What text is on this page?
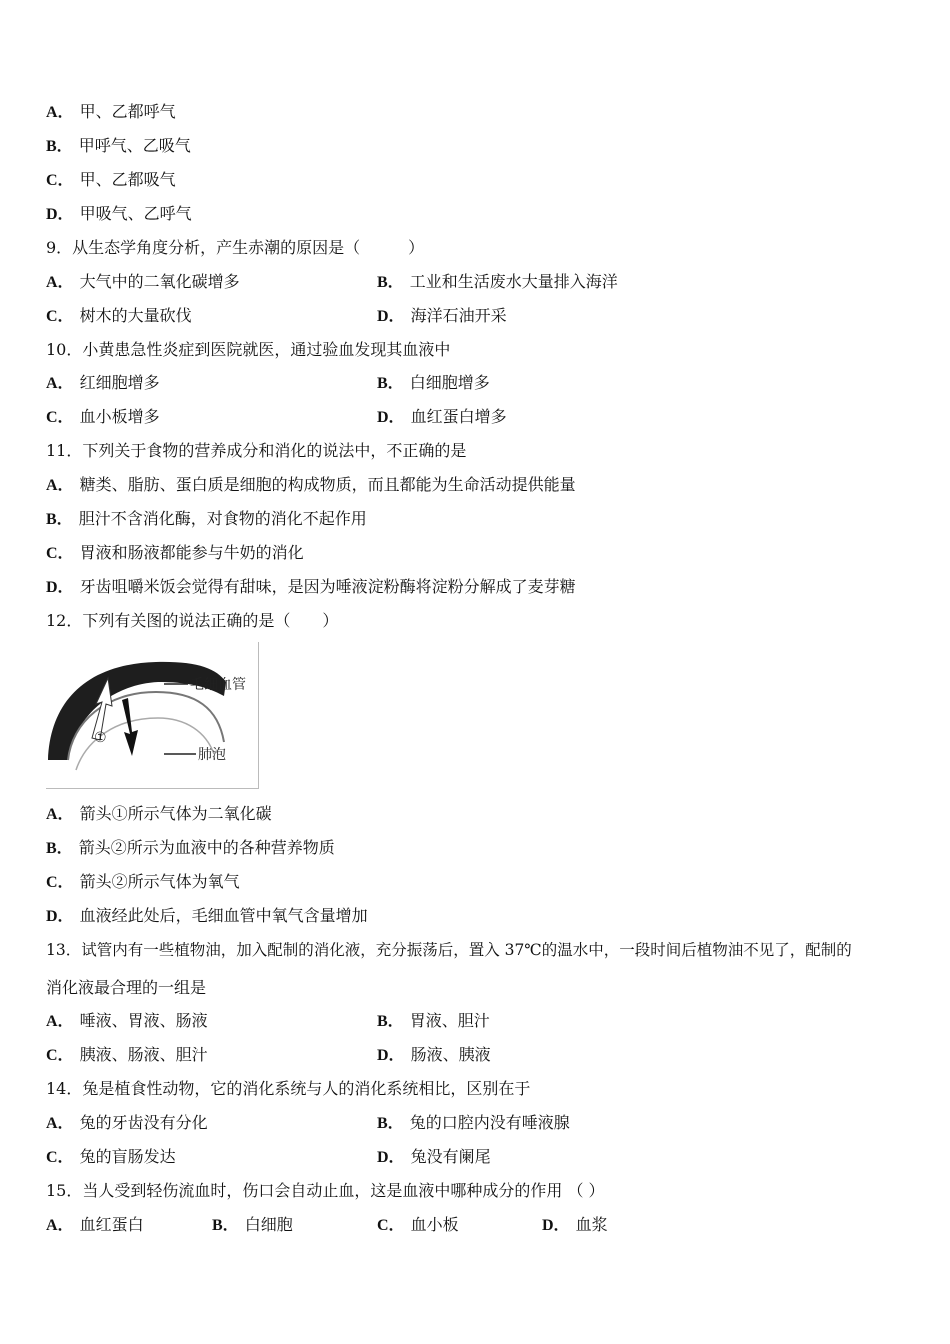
A． 甲、乙都呼气
B． 甲呼气、乙吸气
C． 甲、乙都吸气
D． 甲吸气、乙呼气
9．从生态学角度分析，产生赤潮的原因是（　　　）
A． 大气中的二氧化碳增多	B． 工业和生活废水大量排入海洋
C． 树木的大量砍伐	D． 海洋石油开采
10．小黄患急性炎症到医院就医，通过验血发现其血液中
A． 红细胞增多	B． 白细胞增多
C． 血小板增多	D． 血红蛋白增多
11．下列关于食物的营养成分和消化的说法中，不正确的是
A． 糖类、脂肪、蛋白质是细胞的构成物质，而且都能为生命活动提供能量
B． 胆汁不含消化酶，对食物的消化不起作用
C． 胃液和肠液都能参与牛奶的消化
D． 牙齿咀嚼米饭会觉得有甜味，是因为唾液淀粉酶将淀粉分解成了麦芽糖
12．下列有关图的说法正确的是（　　）
①
毛细血管
肺泡
A． 箭头①所示气体为二氧化碳
B． 箭头②所示为血液中的各种营养物质
C． 箭头②所示气体为氧气
D． 血液经此处后，毛细血管中氧气含量增加
13．试管内有一些植物油，加入配制的消化液，充分振荡后，置入 37℃的温水中，一段时间后植物油不见了，配制的
消化液最合理的一组是
A． 唾液、胃液、肠液	B． 胃液、胆汁
C． 胰液、肠液、胆汁	D． 肠液、胰液
14．兔是植食性动物，它的消化系统与人的消化系统相比，区别在于
A． 兔的牙齿没有分化	B． 兔的口腔内没有唾液腺
C． 兔的盲肠发达	D． 兔没有阑尾
15．当人受到轻伤流血时，伤口会自动止血，这是血液中哪种成分的作用 （ ）
A． 血红蛋白	B． 白细胞	C． 血小板	D． 血浆
